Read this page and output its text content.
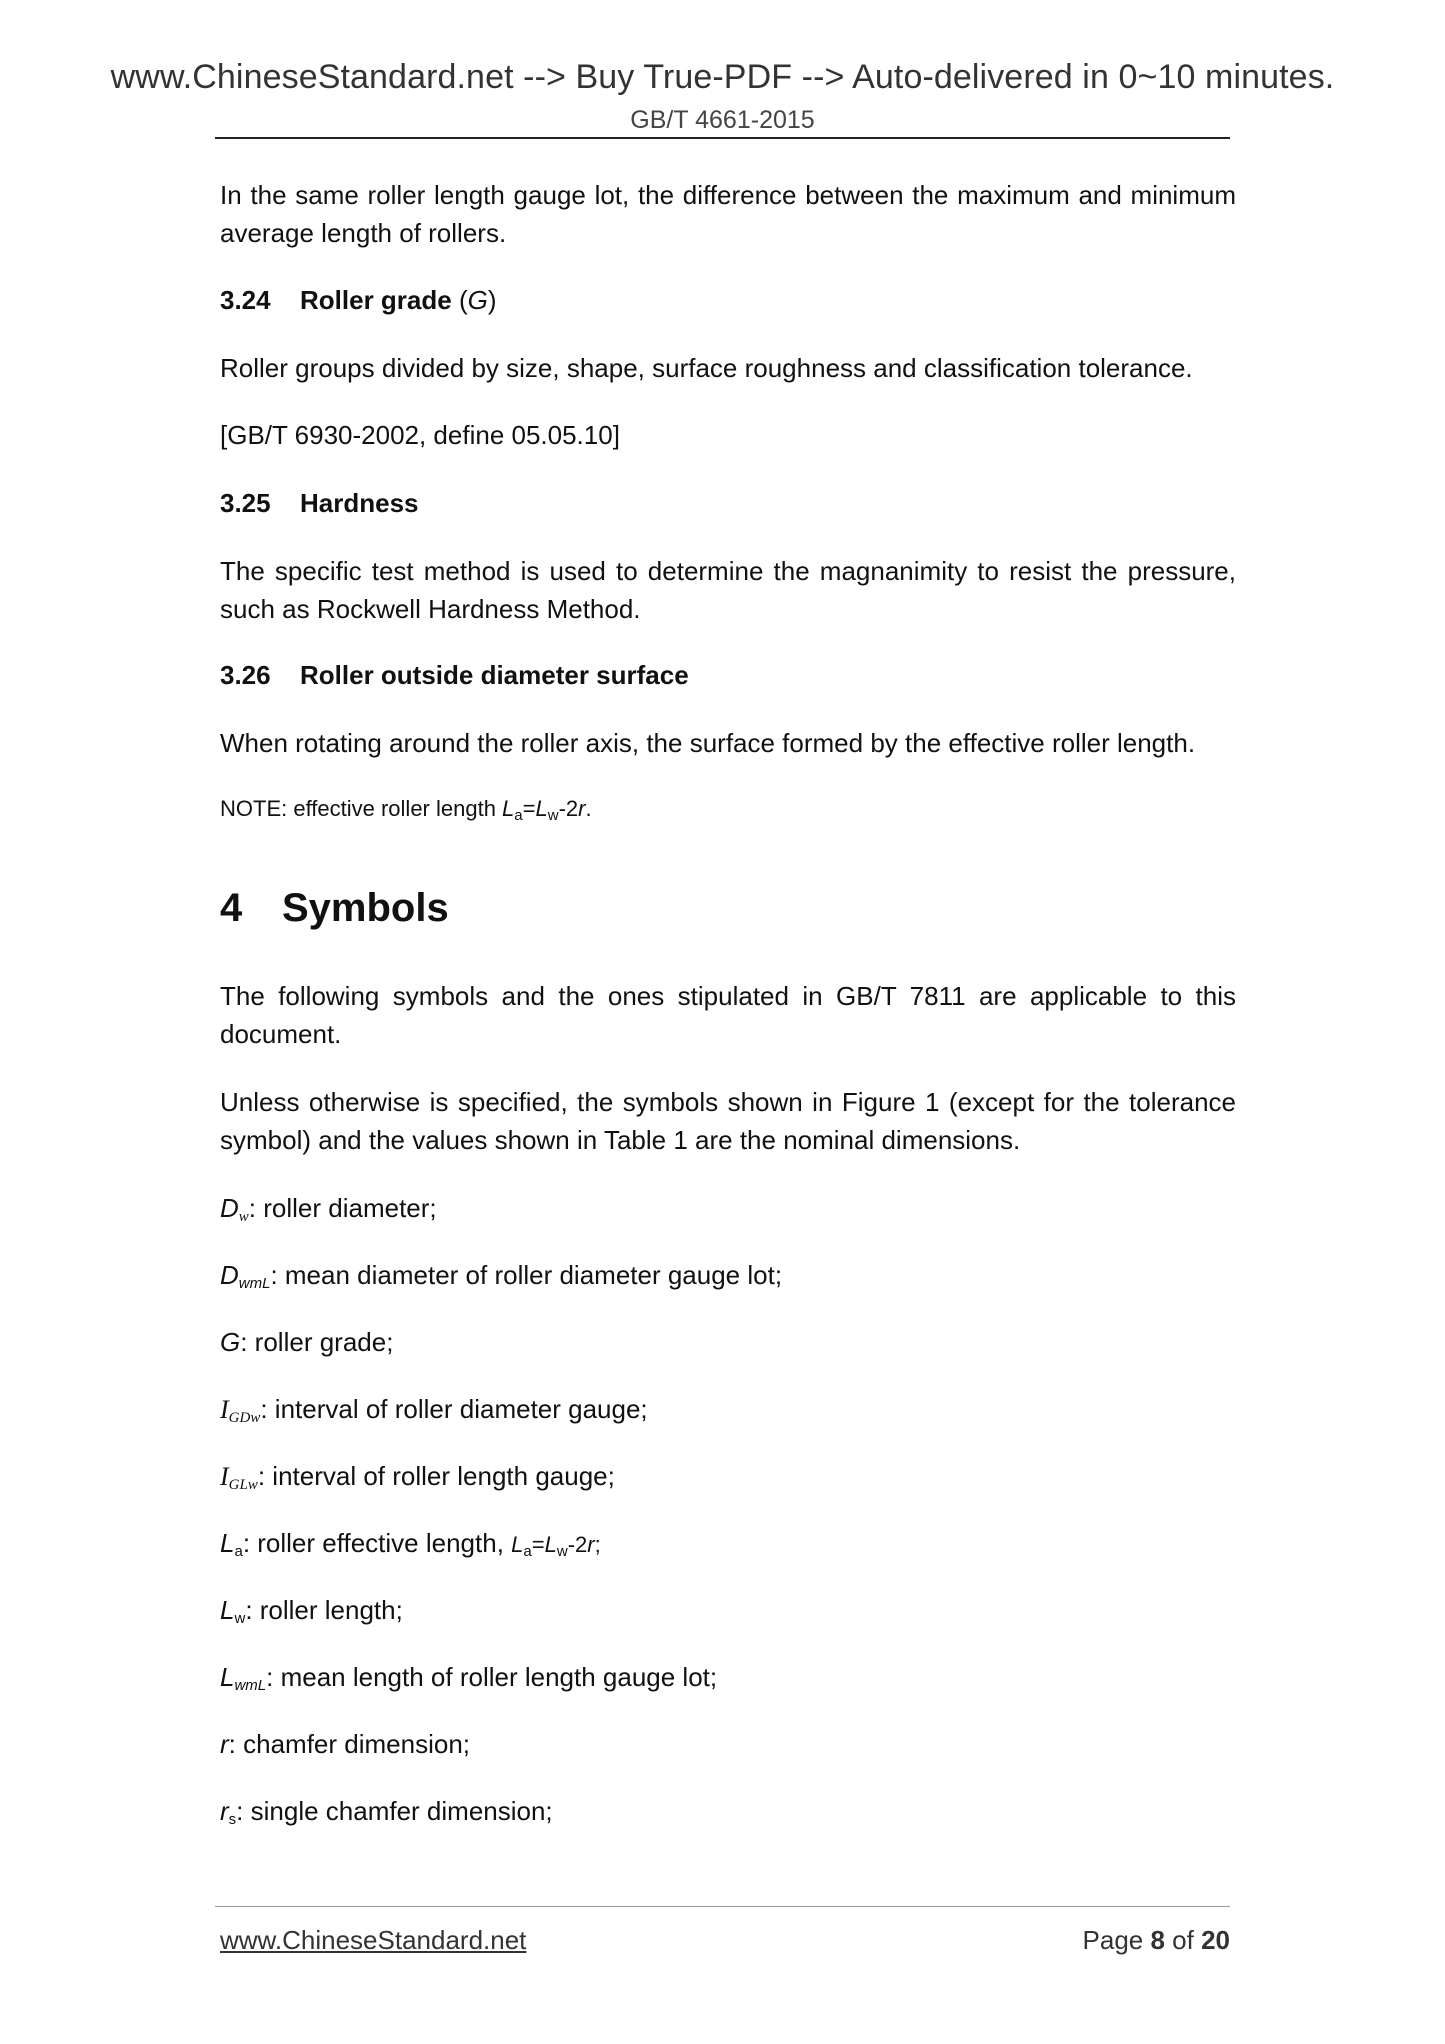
www.ChineseStandard.net --> Buy True-PDF --> Auto-delivered in 0~10 minutes.
GB/T 4661-2015

In the same roller length gauge lot, the difference between the maximum and minimum average length of rollers.

3.24 Roller grade (G)

Roller groups divided by size, shape, surface roughness and classification tolerance.

[GB/T 6930-2002, define 05.05.10]

3.25 Hardness

The specific test method is used to determine the magnanimity to resist the pressure, such as Rockwell Hardness Method.

3.26 Roller outside diameter surface

When rotating around the roller axis, the surface formed by the effective roller length.

NOTE: effective roller length $L_a=L_w-2r$.
4 Symbols

The following symbols and the ones stipulated in GB/T 7811 are applicable to this document.

Unless otherwise is specified, the symbols shown in Figure 1 (except for the tolerance symbol) and the values shown in Table 1 are the nominal dimensions.

$D_w$: roller diameter;
$D_{wmL}$: mean diameter of roller diameter gauge lot;
G: roller grade;
$I_{GDw}$: interval of roller diameter gauge;
$I_{GLw}$: interval of roller length gauge;
$L_a$: roller effective length, $L_a=L_w-2r$;
$L_w$: roller length;
$L_{wmL}$: mean length of roller length gauge lot;
r: chamfer dimension;
$r_s$: single chamfer dimension;
www.ChineseStandard.net	Page 8 of 20
